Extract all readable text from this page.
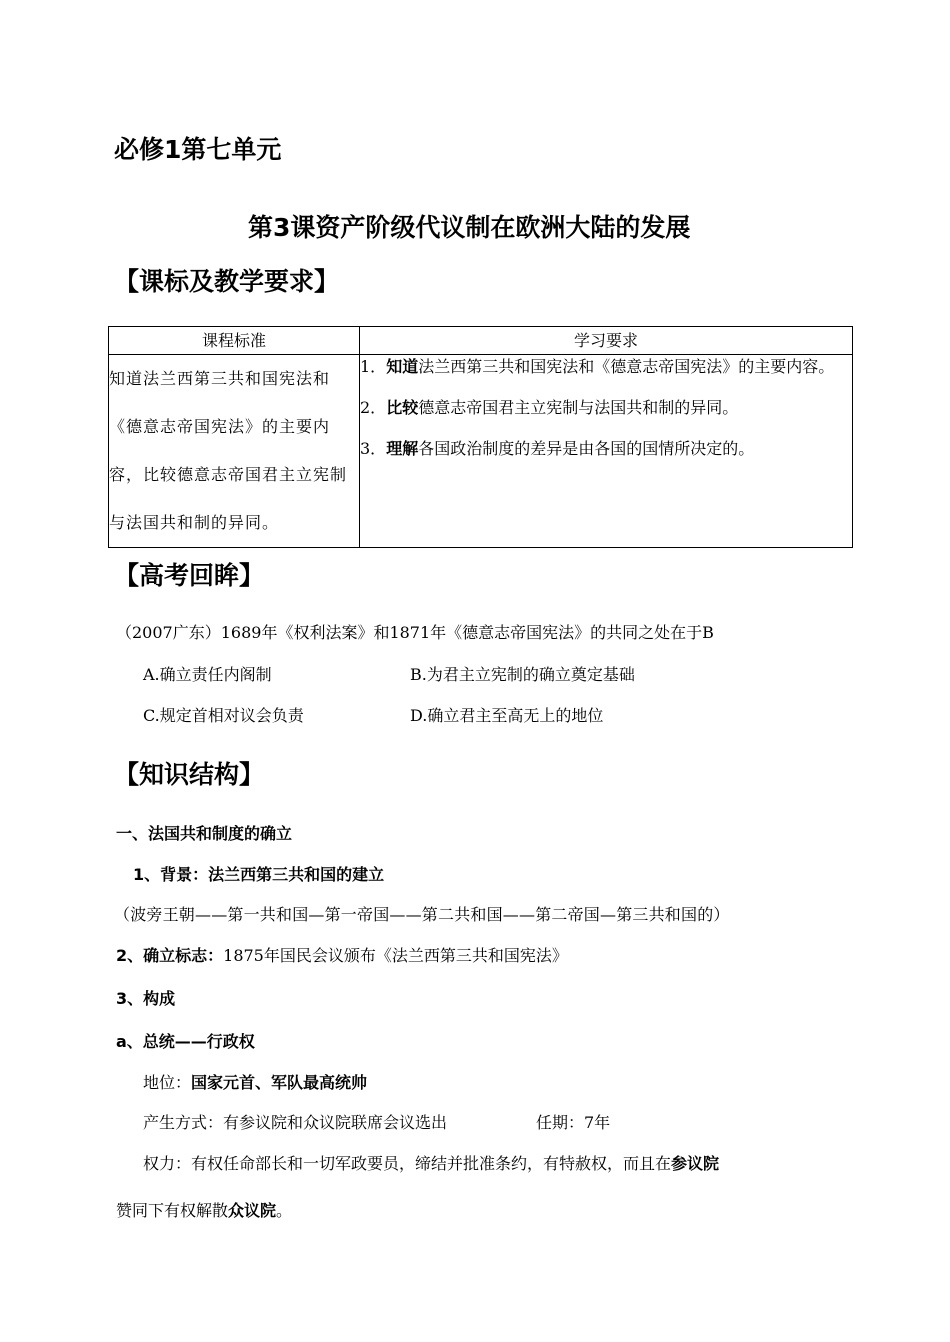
必修1第七单元
第3课资产阶级代议制在欧洲大陆的发展
【课标及教学要求】
课程标准	学习要求

知道法兰西第三共和国宪法和《德意志帝国宪法》的主要内容，比较德意志帝国君主立宪制与法国共和制的异同。	1．知道法兰西第三共和国宪法和《德意志帝国宪法》的主要内容。
2．比较德意志帝国君主立宪制与法国共和制的异同。
3．理解各国政治制度的差异是由各国的国情所决定的。
【高考回眸】
（2007广东）1689年《权利法案》和1871年《德意志帝国宪法》的共同之处在于B
A.确立责任内阁制	B.为君主立宪制的确立奠定基础
C.规定首相对议会负责	D.确立君主至高无上的地位
【知识结构】
一、法国共和制度的确立
1、背景：法兰西第三共和国的建立
（波旁王朝——第一共和国—第一帝国——第二共和国——第二帝国—第三共和国的）
2、确立标志：1875年国民会议颁布《法兰西第三共和国宪法》
3、构成
a、总统——行政权
地位：国家元首、军队最高统帅
产生方式：有参议院和众议院联席会议选出	任期：7年
权力：有权任命部长和一切军政要员，缔结并批准条约，有特赦权，而且在参议院
赞同下有权解散众议院。
